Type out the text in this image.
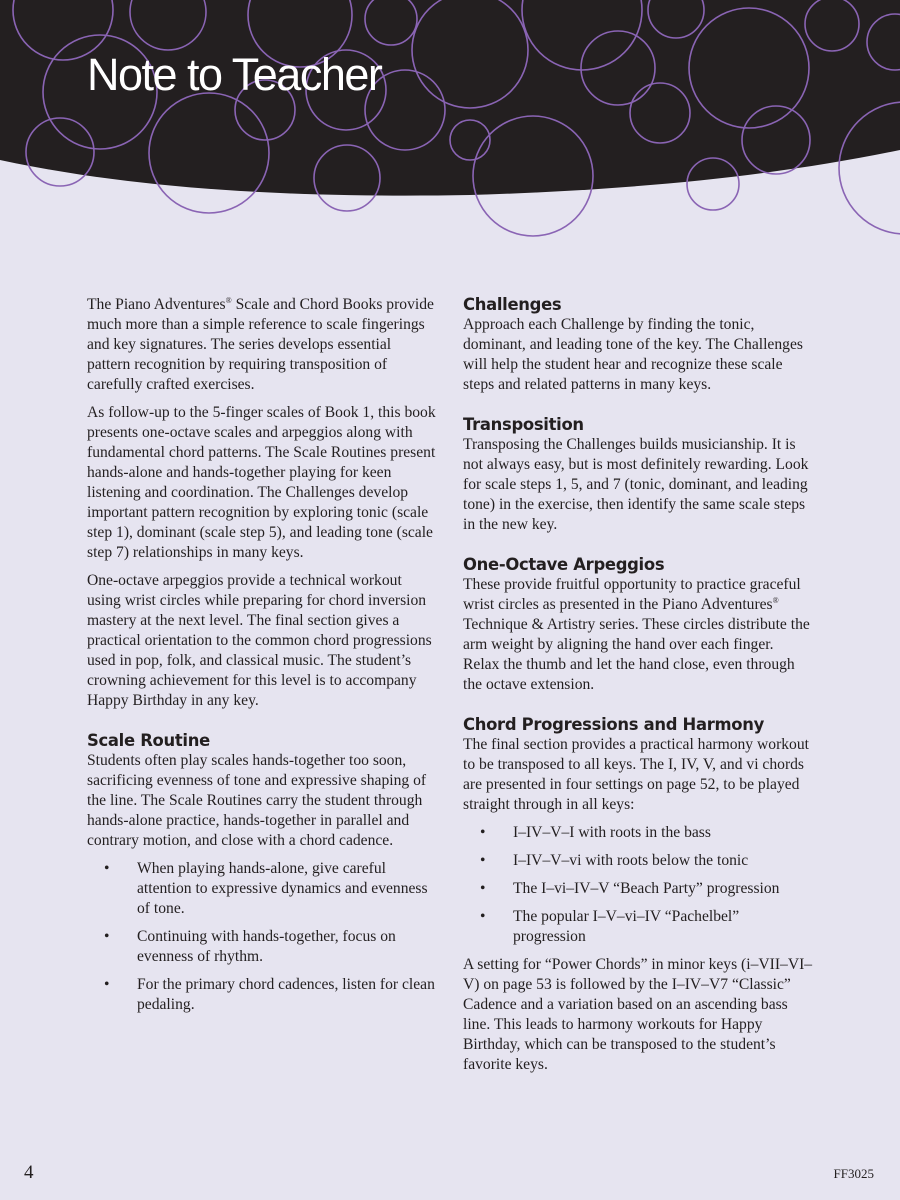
Note to Teacher

The Piano Adventures® Scale and Chord Books provide much more than a simple reference to scale fingerings and key signatures. The series develops essential pattern recognition by requiring transposition of carefully crafted exercises.

As follow-up to the 5-finger scales of Book 1, this book presents one-octave scales and arpeggios along with fundamental chord patterns. The Scale Routines present hands-alone and hands-together playing for keen listening and coordination. The Challenges develop important pattern recognition by exploring tonic (scale step 1), dominant (scale step 5), and leading tone (scale step 7) relationships in many keys.

One-octave arpeggios provide a technical workout using wrist circles while preparing for chord inversion mastery at the next level. The final section gives a practical orientation to the common chord progressions used in pop, folk, and classical music. The student’s crowning achievement for this level is to accompany Happy Birthday in any key.

Scale Routine

Students often play scales hands-together too soon, sacrificing evenness of tone and expressive shaping of the line. The Scale Routines carry the student through hands-alone practice, hands-together in parallel and contrary motion, and close with a chord cadence.

• When playing hands-alone, give careful attention to expressive dynamics and evenness of tone.
• Continuing with hands-together, focus on evenness of rhythm.
• For the primary chord cadences, listen for clean pedaling.
Challenges

Approach each Challenge by finding the tonic, dominant, and leading tone of the key. The Challenges will help the student hear and recognize these scale steps and related patterns in many keys.

Transposition

Transposing the Challenges builds musicianship. It is not always easy, but is most definitely rewarding. Look for scale steps 1, 5, and 7 (tonic, dominant, and leading tone) in the exercise, then identify the same scale steps in the new key.

One-Octave Arpeggios

These provide fruitful opportunity to practice graceful wrist circles as presented in the Piano Adventures® Technique & Artistry series. These circles distribute the arm weight by aligning the hand over each finger. Relax the thumb and let the hand close, even through the octave extension.

Chord Progressions and Harmony

The final section provides a practical harmony workout to be transposed to all keys. The I, IV, V, and vi chords are presented in four settings on page 52, to be played straight through in all keys:

• I–IV–V–I with roots in the bass
• I–IV–V–vi with roots below the tonic
• The I–vi–IV–V “Beach Party” progression
• The popular I–V–vi–IV “Pachelbel” progression

A setting for “Power Chords” in minor keys (i–VII–VI–V) on page 53 is followed by the I–IV–V7 “Classic” Cadence and a variation based on an ascending bass line. This leads to harmony workouts for Happy Birthday, which can be transposed to the student’s favorite keys.

4	FF3025
